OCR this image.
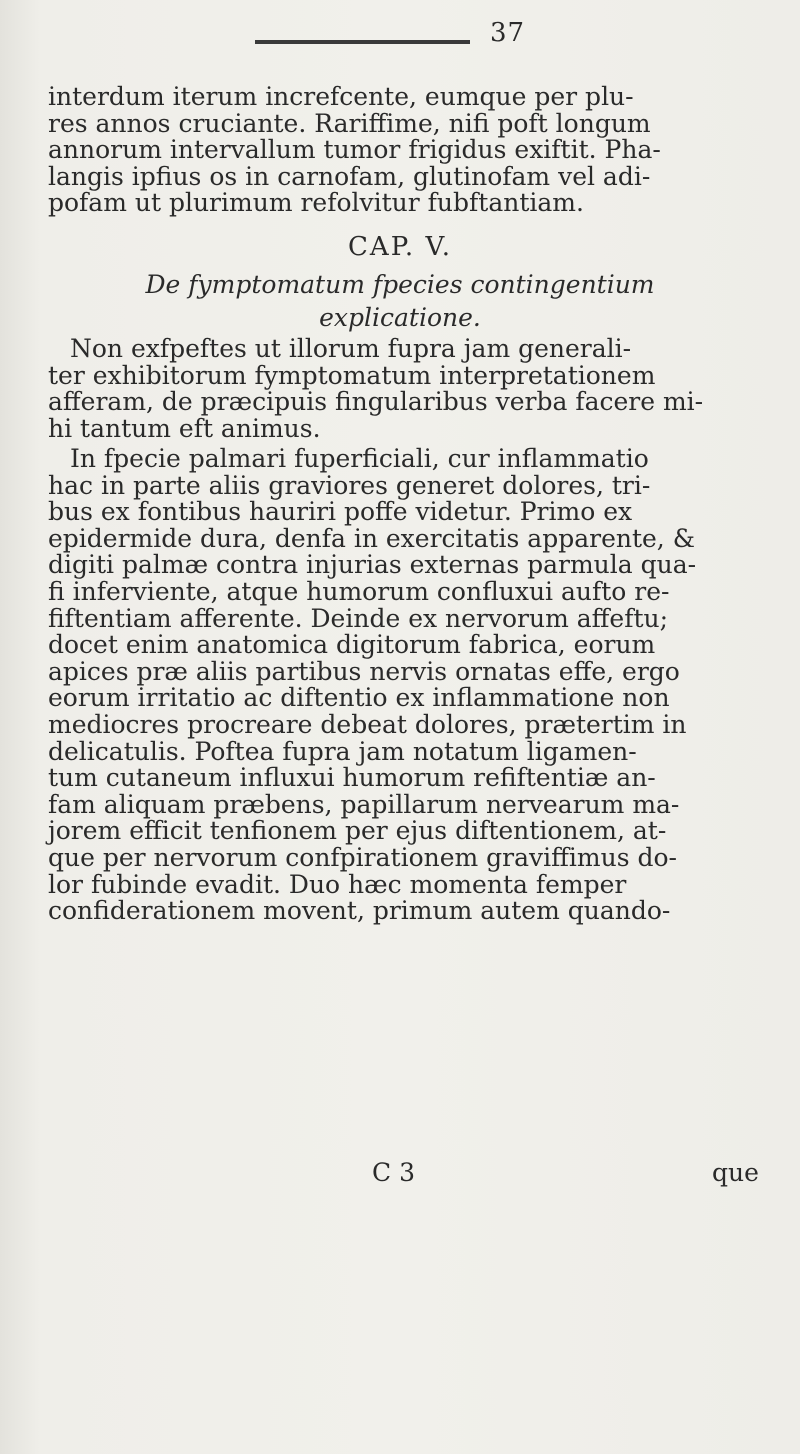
37
interdum iterum increfcente, eumque per plu-
res annos cruciante. Rariffime, nifi poft longum
annorum intervallum tumor frigidus exiftit. Pha-
langis ipfius os in carnofam, glutinofam vel adi-
pofam ut plurimum refolvitur fubftantiam.
CAP. V.
De fymptomatum fpecies contingentium
explicatione.
Non exfpeftes ut illorum fupra jam generali-
ter exhibitorum fymptomatum interpretationem
afferam, de præcipuis fingularibus verba facere mi-
hi tantum eft animus.
In fpecie palmari fuperficiali, cur inflammatio
hac in parte aliis graviores generet dolores, tri-
bus ex fontibus hauriri poffe videtur. Primo ex
epidermide dura, denfa in exercitatis apparente, &
digiti palmæ contra injurias externas parmula qua-
fi inferviente, atque humorum confluxui aufto re-
fiftentiam afferente. Deinde ex nervorum affeftu;
docet enim anatomica digitorum fabrica, eorum
apices præ aliis partibus nervis ornatas effe, ergo
eorum irritatio ac diftentio ex inflammatione non
mediocres procreare debeat dolores, prætertim in
delicatulis. Poftea fupra jam notatum ligamen-
tum cutaneum influxui humorum refiftentiæ an-
fam aliquam præbens, papillarum nervearum ma-
jorem efficit tenfionem per ejus diftentionem, at-
que per nervorum confpirationem graviffimus do-
lor fubinde evadit. Duo hæc momenta femper
confiderationem movent, primum autem quando-
C 3	que
